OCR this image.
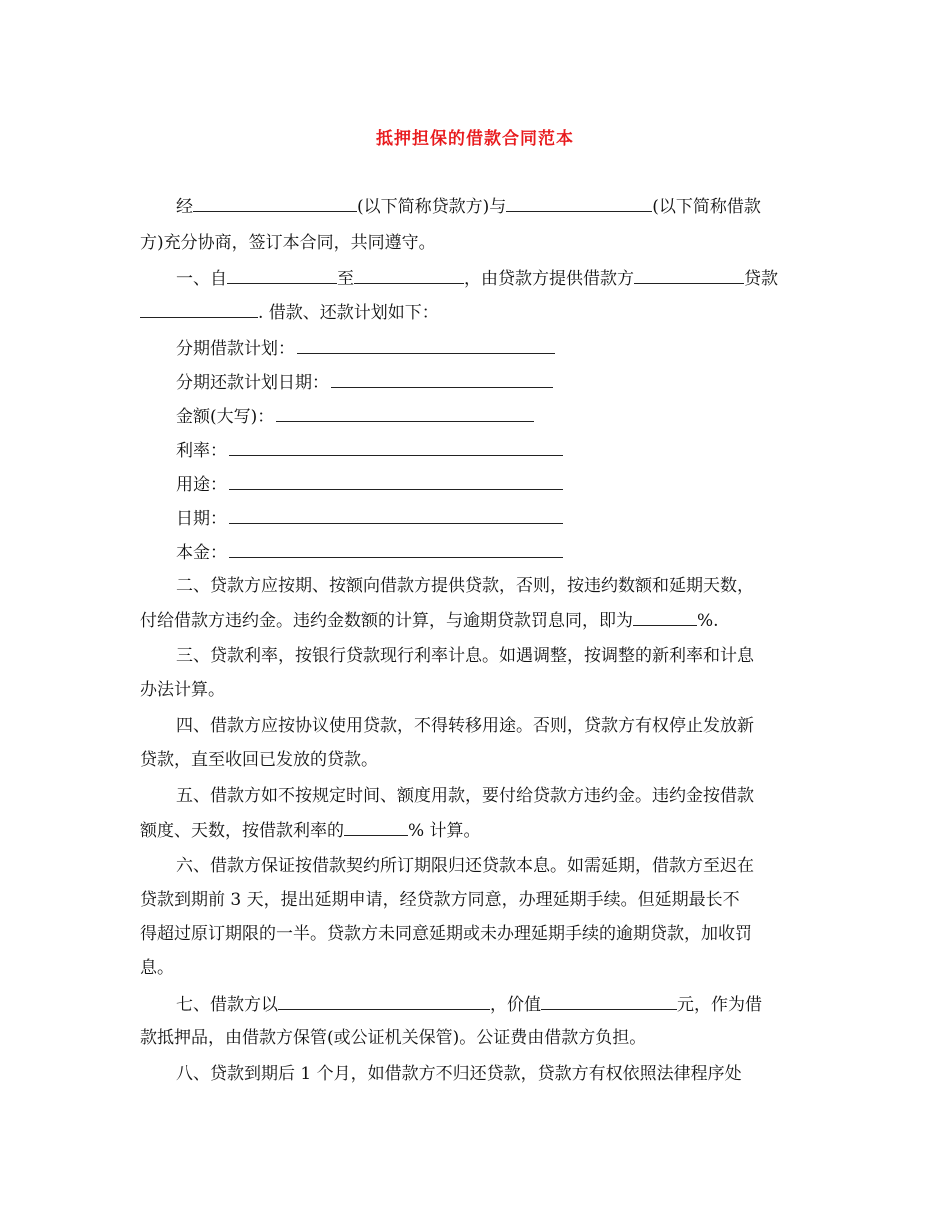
抵押担保的借款合同范本
经	(以下简称贷款方)与	(以下简称借款
方)充分协商，签订本合同，共同遵守。
一、自	至	，由贷款方提供借款方	贷款
. 借款、还款计划如下：
分期借款计划：
分期还款计划日期：
金额(大写)：
利率：
用途：
日期：
本金：
二、贷款方应按期、按额向借款方提供贷款，否则，按违约数额和延期天数，
付给借款方违约金。违约金数额的计算，与逾期贷款罚息同，即为	%.
三、贷款利率，按银行贷款现行利率计息。如遇调整，按调整的新利率和计息
办法计算。
四、借款方应按协议使用贷款，不得转移用途。否则，贷款方有权停止发放新
贷款，直至收回已发放的贷款。
五、借款方如不按规定时间、额度用款，要付给贷款方违约金。违约金按借款
额度、天数，按借款利率的	% 计算。
六、借款方保证按借款契约所订期限归还贷款本息。如需延期，借款方至迟在
贷款到期前 3 天，提出延期申请，经贷款方同意，办理延期手续。但延期最长不
得超过原订期限的一半。贷款方未同意延期或未办理延期手续的逾期贷款，加收罚
息。
七、借款方以	，价值	元，作为借
款抵押品，由借款方保管(或公证机关保管)。公证费由借款方负担。
八、贷款到期后 1 个月，如借款方不归还贷款，贷款方有权依照法律程序处
